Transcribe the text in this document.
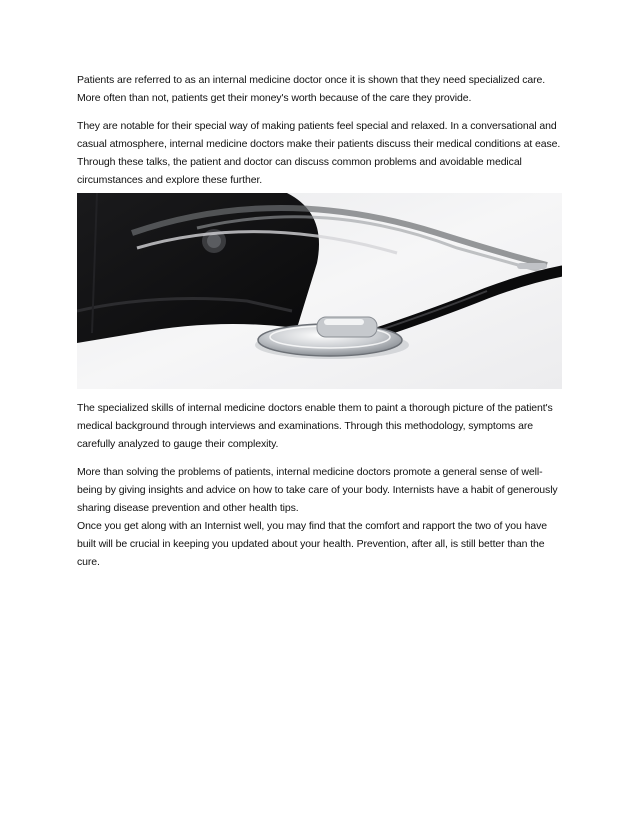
Patients are referred to as an internal medicine doctor once it is shown that they need specialized care. More often than not, patients get their money's worth because of the care they provide.

They are notable for their special way of making patients feel special and relaxed. In a conversational and casual atmosphere, internal medicine doctors make their patients discuss their medical conditions at ease. Through these talks, the patient and doctor can discuss common problems and avoidable medical circumstances and explore these further.

The specialized skills of internal medicine doctors enable them to paint a thorough picture of the patient's medical background through interviews and examinations. Through this methodology, symptoms are carefully analyzed to gauge their complexity.

More than solving the problems of patients, internal medicine doctors promote a general sense of well-being by giving insights and advice on how to take care of your body. Internists have a habit of generously sharing disease prevention and other health tips.

Once you get along with an Internist well, you may find that the comfort and rapport the two of you have built will be crucial in keeping you updated about your health. Prevention, after all, is still better than the cure.
